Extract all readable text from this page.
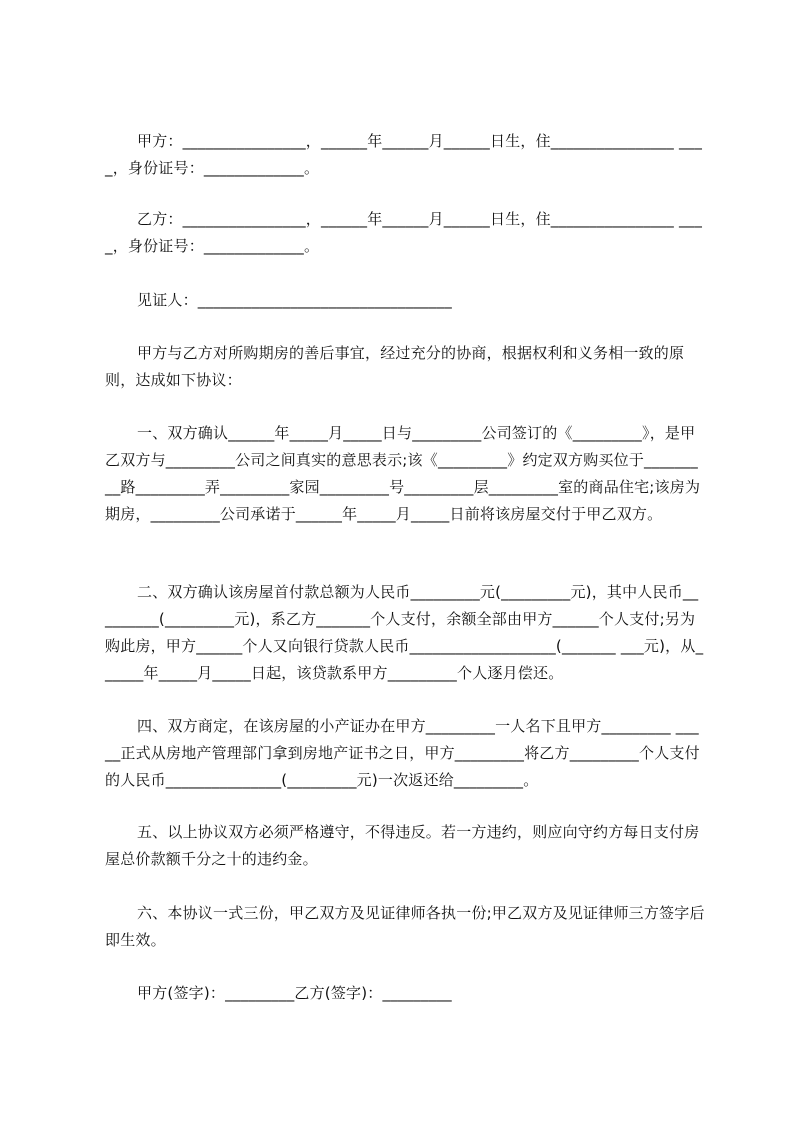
甲方：________________，______年______月______日生，住________________ ____，身份证号：_____________。

乙方：________________，______年______月______日生，住________________ ____，身份证号：_____________。

见证人：_________________________________

甲方与乙方对所购期房的善后事宜，经过充分的协商，根据权利和义务相一致的原则，达成如下协议：

一、双方确认______年_____月_____日与_________公司签订的《_________》，是甲乙双方与_________公司之间真实的意思表示;该《_________》约定双方购买位于_________路_________弄_________家园_________号_________层_________室的商品住宅;该房为期房，_________公司承诺于______年_____月_____日前将该房屋交付于甲乙双方。

二、双方确认该房屋首付款总额为人民币_________元(_________元)，其中人民币_________(_________元)，系乙方_______个人支付，余额全部由甲方______个人支付;另为购此房，甲方______个人又向银行贷款人民币___________________(_______ ___元)，从______年_____月_____日起，该贷款系甲方_________个人逐月偿还。

四、双方商定，在该房屋的小产证办在甲方_________一人名下且甲方_________ _____正式从房地产管理部门拿到房地产证书之日，甲方_________将乙方_________个人支付的人民币_______________(_________元)一次返还给_________。

五、以上协议双方必须严格遵守，不得违反。若一方违约，则应向守约方每日支付房屋总价款额千分之十的违约金。

六、本协议一式三份，甲乙双方及见证律师各执一份;甲乙双方及见证律师三方签字后即生效。

甲方(签字)：_________乙方(签字)：_________
